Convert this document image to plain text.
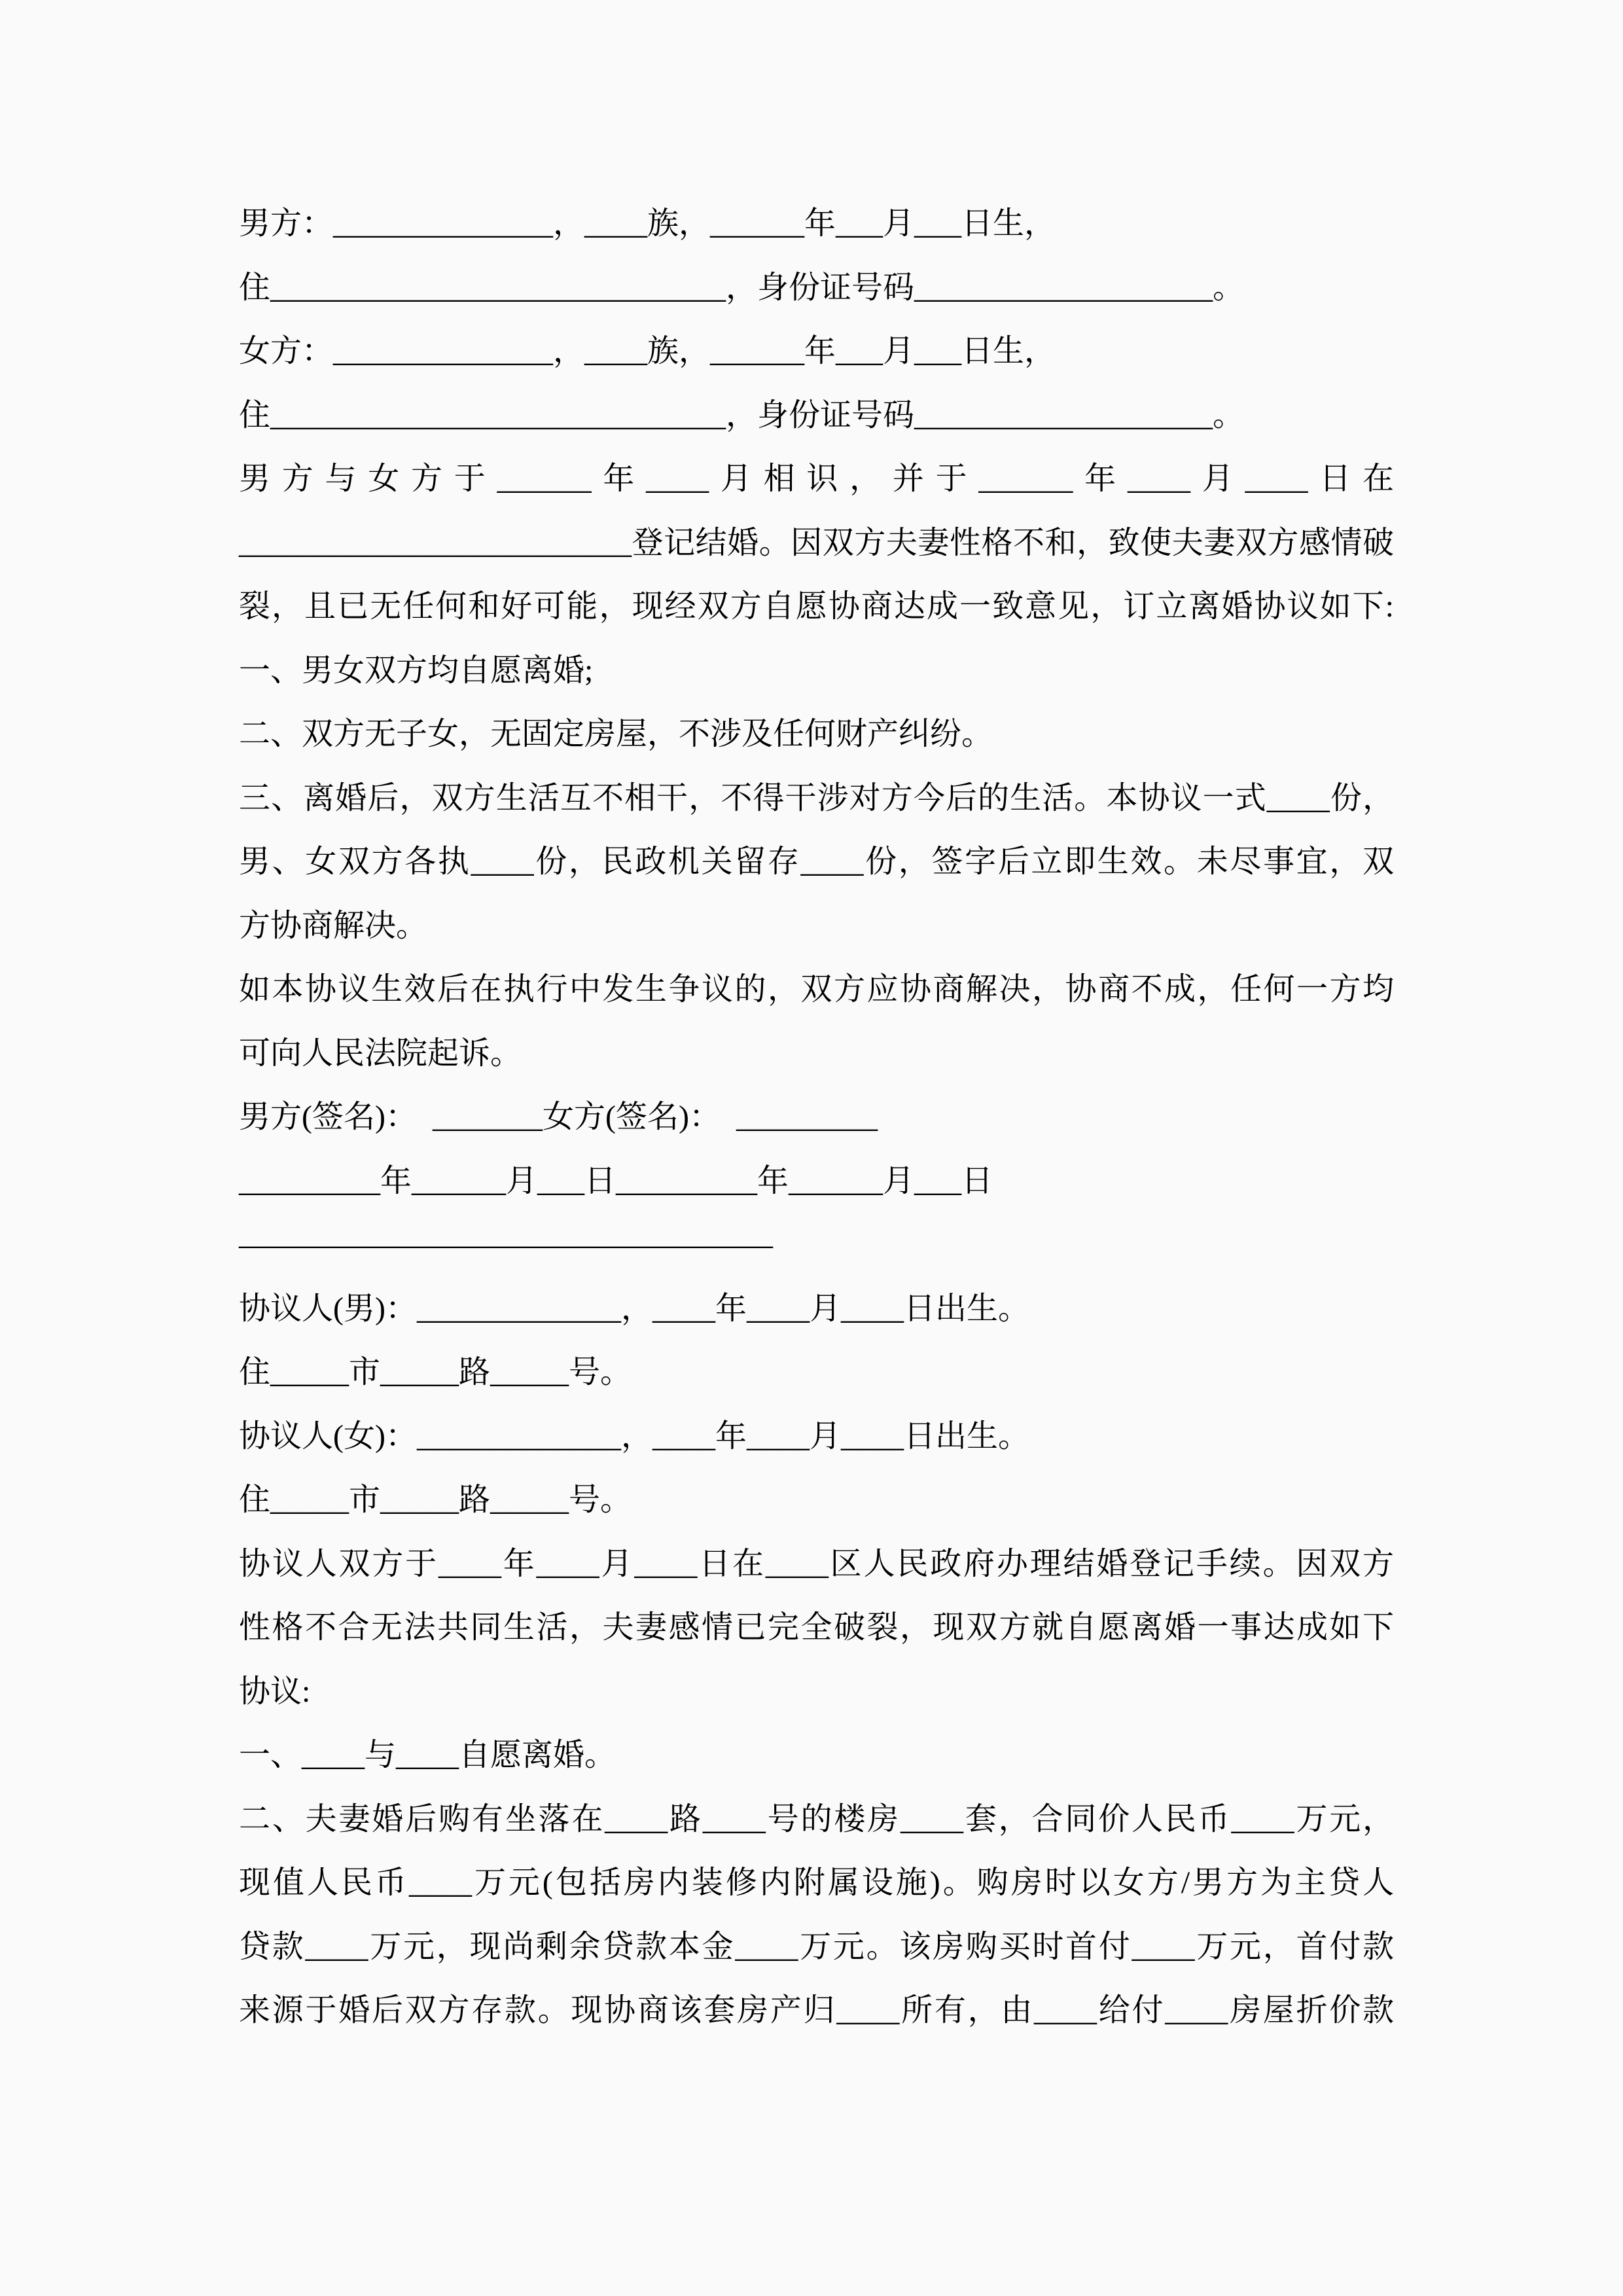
男方：______________，____族，______年___月___日生，
住_____________________________，身份证号码___________________。
女方：______________，____族，______年___月___日生，
住_____________________________，身份证号码___________________。
男方与女方于______年____月相识，并于______年____月____日在
_________________________登记结婚。因双方夫妻性格不和，致使夫妻双方感情破
裂，且已无任何和好可能，现经双方自愿协商达成一致意见，订立离婚协议如下:
一、男女双方均自愿离婚;
二、双方无子女，无固定房屋，不涉及任何财产纠纷。
三、离婚后，双方生活互不相干，不得干涉对方今后的生活。本协议一式____份，
男、女双方各执____份，民政机关留存____份，签字后立即生效。未尽事宜，双
方协商解决。
如本协议生效后在执行中发生争议的，双方应协商解决，协商不成，任何一方均
可向人民法院起诉。
男方(签名)：　_______女方(签名)：　_________
_________年______月___日_________年______月___日
—————————————————
协议人(男)：_____________，____年____月____日出生。
住_____市_____路_____号。
协议人(女)：_____________，____年____月____日出生。
住_____市_____路_____号。
协议人双方于____年____月____日在____区人民政府办理结婚登记手续。因双方
性格不合无法共同生活，夫妻感情已完全破裂，现双方就自愿离婚一事达成如下
协议:
一、____与____自愿离婚。
二、夫妻婚后购有坐落在____路____号的楼房____套，合同价人民币____万元，
现值人民币____万元(包括房内装修内附属设施)。购房时以女方/男方为主贷人
贷款____万元，现尚剩余贷款本金____万元。该房购买时首付____万元，首付款
来源于婚后双方存款。现协商该套房产归____所有，由____给付____房屋折价款
